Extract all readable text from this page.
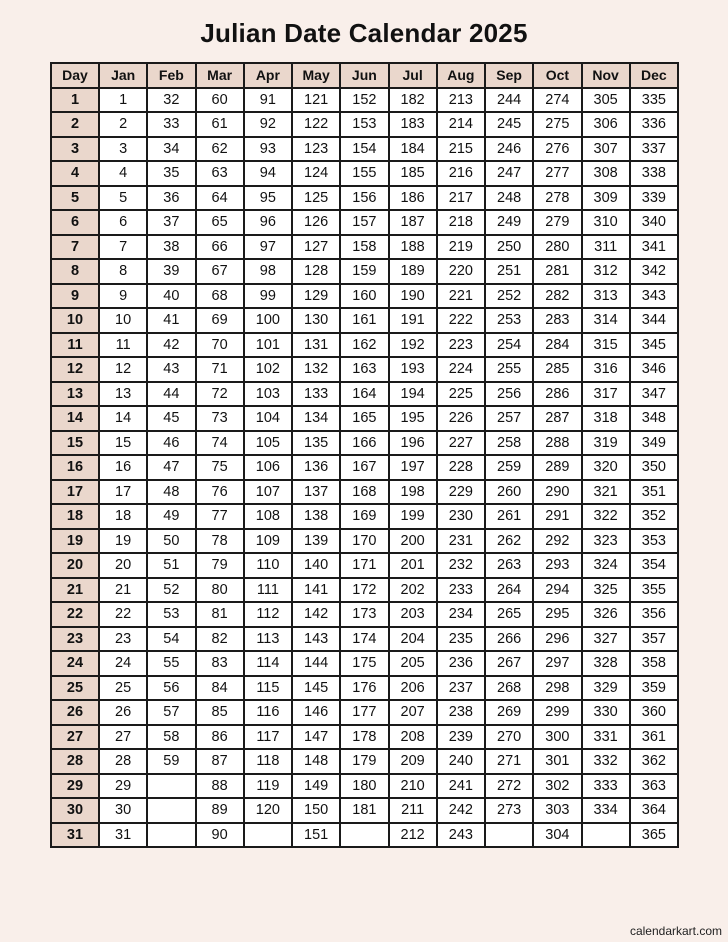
Julian Date Calendar 2025
Day	Jan	Feb	Mar	Apr	May	Jun	Jul	Aug	Sep	Oct	Nov	Dec
1	1	32	60	91	121	152	182	213	244	274	305	335
2	2	33	61	92	122	153	183	214	245	275	306	336
3	3	34	62	93	123	154	184	215	246	276	307	337
4	4	35	63	94	124	155	185	216	247	277	308	338
5	5	36	64	95	125	156	186	217	248	278	309	339
6	6	37	65	96	126	157	187	218	249	279	310	340
7	7	38	66	97	127	158	188	219	250	280	311	341
8	8	39	67	98	128	159	189	220	251	281	312	342
9	9	40	68	99	129	160	190	221	252	282	313	343
10	10	41	69	100	130	161	191	222	253	283	314	344
11	11	42	70	101	131	162	192	223	254	284	315	345
12	12	43	71	102	132	163	193	224	255	285	316	346
13	13	44	72	103	133	164	194	225	256	286	317	347
14	14	45	73	104	134	165	195	226	257	287	318	348
15	15	46	74	105	135	166	196	227	258	288	319	349
16	16	47	75	106	136	167	197	228	259	289	320	350
17	17	48	76	107	137	168	198	229	260	290	321	351
18	18	49	77	108	138	169	199	230	261	291	322	352
19	19	50	78	109	139	170	200	231	262	292	323	353
20	20	51	79	110	140	171	201	232	263	293	324	354
21	21	52	80	111	141	172	202	233	264	294	325	355
22	22	53	81	112	142	173	203	234	265	295	326	356
23	23	54	82	113	143	174	204	235	266	296	327	357
24	24	55	83	114	144	175	205	236	267	297	328	358
25	25	56	84	115	145	176	206	237	268	298	329	359
26	26	57	85	116	146	177	207	238	269	299	330	360
27	27	58	86	117	147	178	208	239	270	300	331	361
28	28	59	87	118	148	179	209	240	271	301	332	362
29	29		88	119	149	180	210	241	272	302	333	363
30	30		89	120	150	181	211	242	273	303	334	364
31	31		90		151		212	243		304		365
calendarkart.com
